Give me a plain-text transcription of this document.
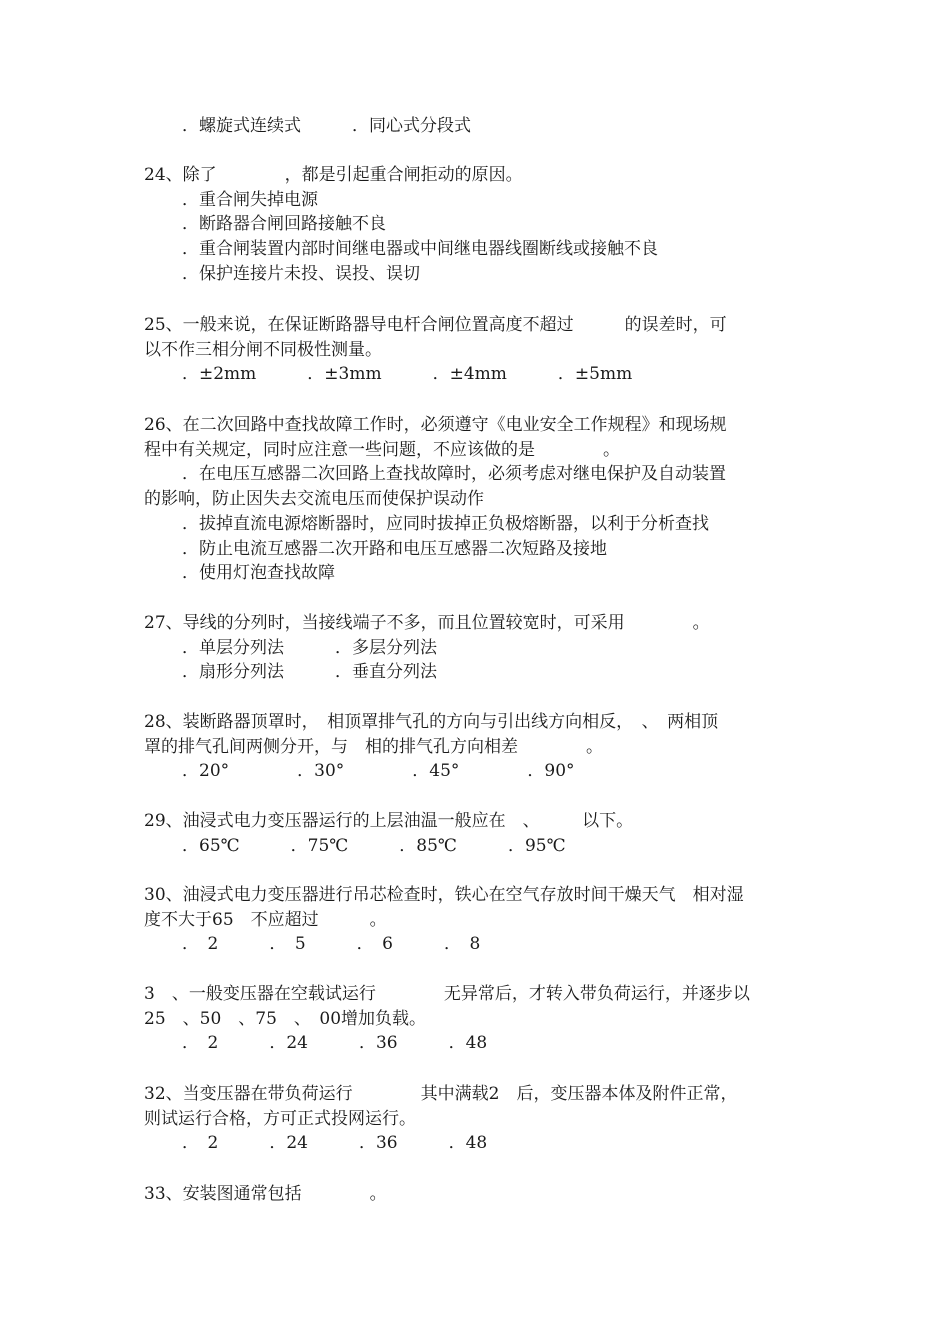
．螺旋式连续式　　　．同心式分段式
24、除了　　　　，都是引起重合闸拒动的原因。
．重合闸失掉电源
．断路器合闸回路接触不良
．重合闸装置内部时间继电器或中间继电器线圈断线或接触不良
．保护连接片未投、误投、误切
25、一般来说，在保证断路器导电杆合闸位置高度不超过　　　的误差时，可
以不作三相分闸不同极性测量。
．±2mm　　　．±3mm　　　．±4mm　　　．±5mm
26、在二次回路中查找故障工作时，必须遵守《电业安全工作规程》和现场规
程中有关规定，同时应注意一些问题，不应该做的是　　　　。
．在电压互感器二次回路上查找故障时，必须考虑对继电保护及自动装置
的影响，防止因失去交流电压而使保护误动作
．拔掉直流电源熔断器时，应同时拔掉正负极熔断器，以利于分析查找
．防止电流互感器二次开路和电压互感器二次短路及接地
．使用灯泡查找故障
27、导线的分列时，当接线端子不多，而且位置较宽时，可采用　　　　。
．单层分列法　　　．多层分列法
．扇形分列法　　　．垂直分列法
28、装断路器顶罩时，　相顶罩排气孔的方向与引出线方向相反，　、　两相顶
罩的排气孔间两侧分开，与　相的排气孔方向相差　　　　。
．20°　　　　．30°　　　　．45°　　　　．90°
29、油浸式电力变压器运行的上层油温一般应在　、　　　以下。
．65℃　　　．75℃　　　．85℃　　　．95℃
30、油浸式电力变压器进行吊芯检查时，铁心在空气存放时间干燥天气　相对湿
度不大于65　不应超过　　　。
．　2　　　．　5　　　．　6　　　．　8
3　、一般变压器在空载试运行　　　　无异常后，才转入带负荷运行，并逐步以
25　、50　、75　、　00增加负载。
．　2　　　．24　　　．36　　　．48
32、当变压器在带负荷运行　　　　其中满载2　后，变压器本体及附件正常，
则试运行合格，方可正式投网运行。
．　2　　　．24　　　．36　　　．48
33、安装图通常包括　　　　。
